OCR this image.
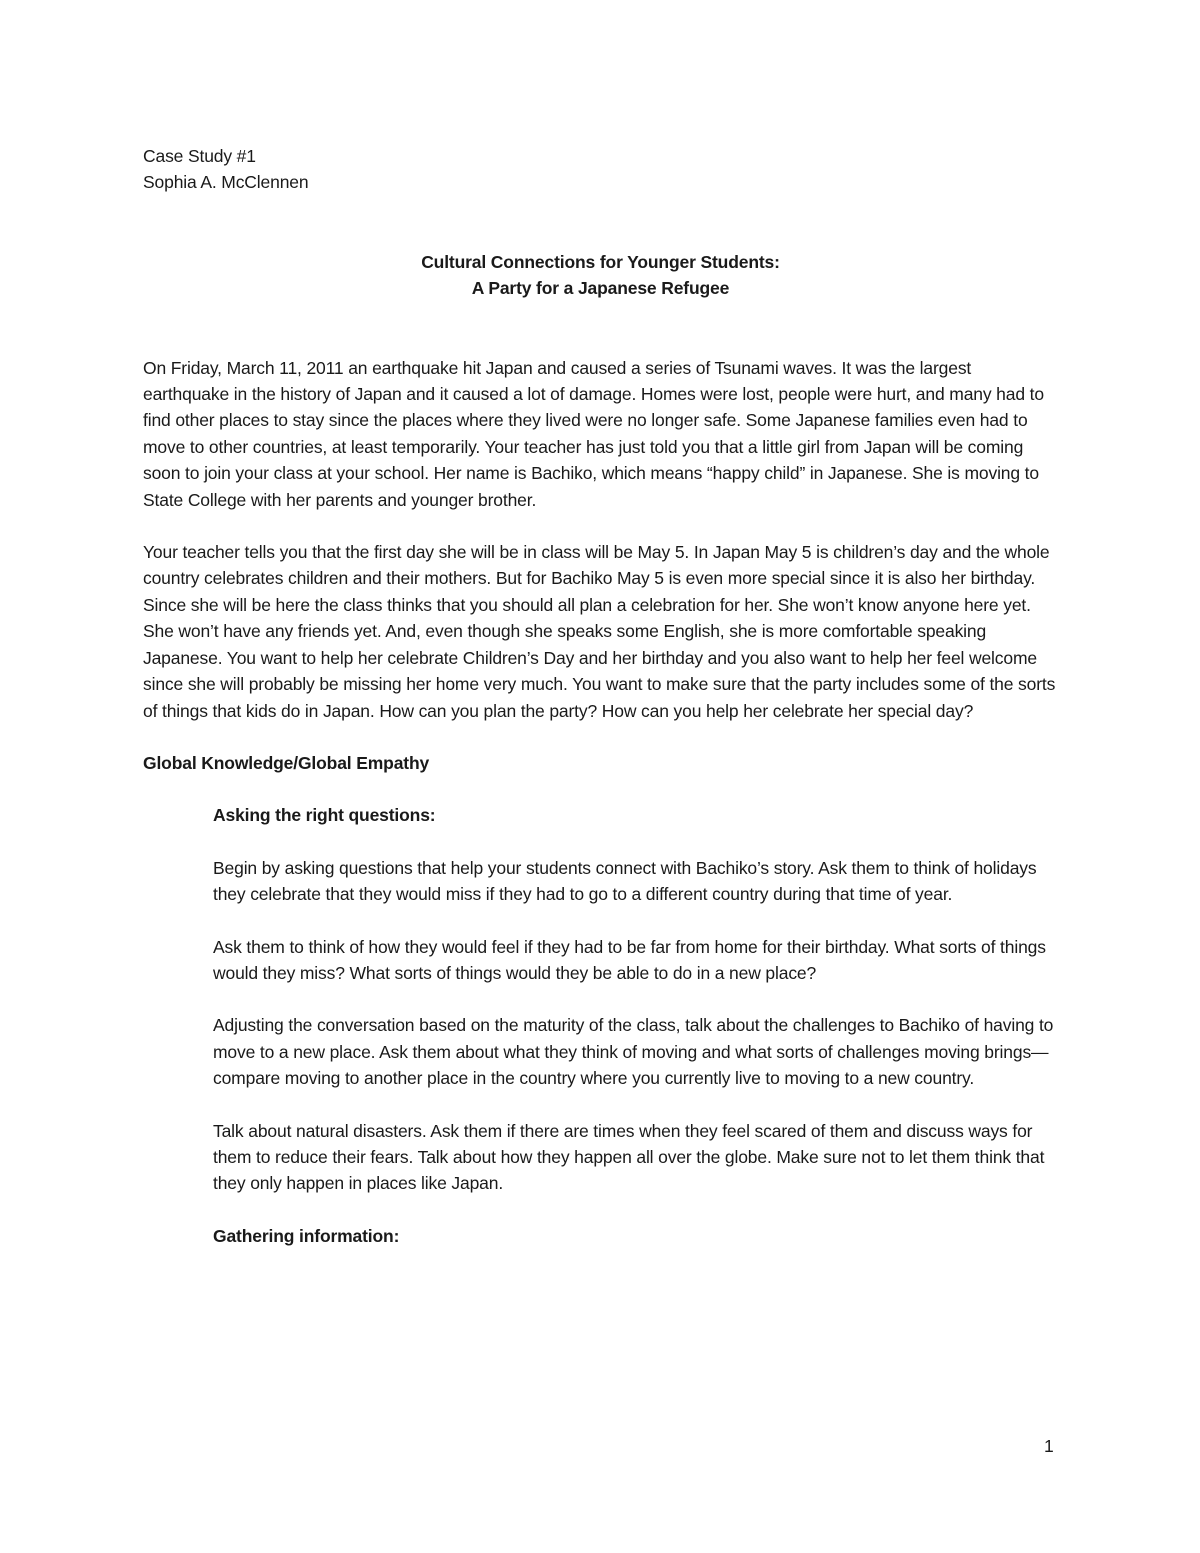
Case Study #1

Sophia A. McClennen

Cultural Connections for Younger Students:

A Party for a Japanese Refugee

On Friday, March 11, 2011 an earthquake hit Japan and caused a series of Tsunami waves. It was the largest earthquake in the history of Japan and it caused a lot of damage. Homes were lost, people were hurt, and many had to find other places to stay since the places where they lived were no longer safe. Some Japanese families even had to move to other countries, at least temporarily. Your teacher has just told you that a little girl from Japan will be coming soon to join your class at your school. Her name is Bachiko, which means “happy child” in Japanese. She is moving to State College with her parents and younger brother.

Your teacher tells you that the first day she will be in class will be May 5. In Japan May 5 is children’s day and the whole country celebrates children and their mothers. But for Bachiko May 5 is even more special since it is also her birthday. Since she will be here the class thinks that you should all plan a celebration for her. She won’t know anyone here yet. She won’t have any friends yet. And, even though she speaks some English, she is more comfortable speaking Japanese. You want to help her celebrate Children’s Day and her birthday and you also want to help her feel welcome since she will probably be missing her home very much. You want to make sure that the party includes some of the sorts of things that kids do in Japan. How can you plan the party? How can you help her celebrate her special day?

Global Knowledge/Global Empathy

Asking the right questions:

Begin by asking questions that help your students connect with Bachiko’s story. Ask them to think of holidays they celebrate that they would miss if they had to go to a different country during that time of year.

Ask them to think of how they would feel if they had to be far from home for their birthday. What sorts of things would they miss? What sorts of things would they be able to do in a new place?

Adjusting the conversation based on the maturity of the class, talk about the challenges to Bachiko of having to move to a new place. Ask them about what they think of moving and what sorts of challenges moving brings—compare moving to another place in the country where you currently live to moving to a new country.

Talk about natural disasters. Ask them if there are times when they feel scared of them and discuss ways for them to reduce their fears. Talk about how they happen all over the globe. Make sure not to let them think that they only happen in places like Japan.

Gathering information:

1
